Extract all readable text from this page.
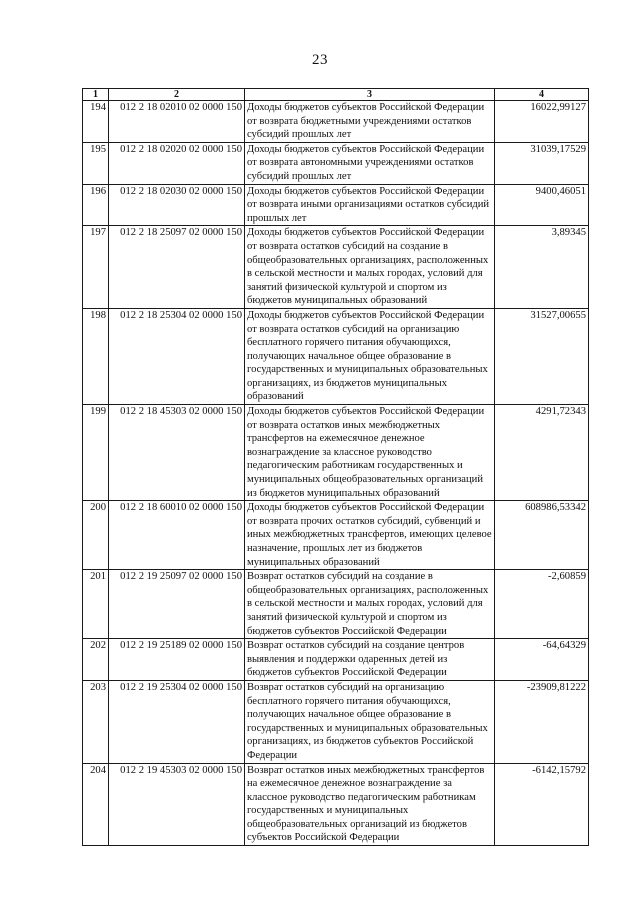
23
1	2	3	4
194	012 2 18 02010 02 0000 150	Доходы бюджетов субъектов Российской Федерации от возврата бюджетными учреждениями остатков субсидий прошлых лет	16022,99127
195	012 2 18 02020 02 0000 150	Доходы бюджетов субъектов Российской Федерации от возврата автономными учреждениями остатков субсидий прошлых лет	31039,17529
196	012 2 18 02030 02 0000 150	Доходы бюджетов субъектов Российской Федерации от возврата иными организациями остатков субсидий прошлых лет	9400,46051
197	012 2 18 25097 02 0000 150	Доходы бюджетов субъектов Российской Федерации от возврата остатков субсидий на создание в общеобразовательных организациях, расположенных в сельской местности и малых городах, условий для занятий физической культурой и спортом из бюджетов муниципальных образований	3,89345
198	012 2 18 25304 02 0000 150	Доходы бюджетов субъектов Российской Федерации от возврата остатков субсидий на организацию бесплатного горячего питания обучающихся, получающих начальное общее образование в государственных и муниципальных образовательных организациях, из бюджетов муниципальных образований	31527,00655
199	012 2 18 45303 02 0000 150	Доходы бюджетов субъектов Российской Федерации от возврата остатков иных межбюджетных трансфертов на ежемесячное денежное вознаграждение за классное руководство педагогическим работникам государственных и муниципальных общеобразовательных организаций из бюджетов муниципальных образований	4291,72343
200	012 2 18 60010 02 0000 150	Доходы бюджетов субъектов Российской Федерации от возврата прочих остатков субсидий, субвенций и иных межбюджетных трансфертов, имеющих целевое назначение, прошлых лет из бюджетов муниципальных образований	608986,53342
201	012 2 19 25097 02 0000 150	Возврат остатков субсидий на создание в общеобразовательных организациях, расположенных в сельской местности и малых городах, условий для занятий физической культурой и спортом из бюджетов субъектов Российской Федерации	-2,60859
202	012 2 19 25189 02 0000 150	Возврат остатков субсидий на создание центров выявления и поддержки одаренных детей из бюджетов субъектов Российской Федерации	-64,64329
203	012 2 19 25304 02 0000 150	Возврат остатков субсидий на организацию бесплатного горячего питания обучающихся, получающих начальное общее образование в государственных и муниципальных образовательных организациях, из бюджетов субъектов Российской Федерации	-23909,81222
204	012 2 19 45303 02 0000 150	Возврат остатков иных межбюджетных трансфертов на ежемесячное денежное вознаграждение за классное руководство педагогическим работникам государственных и муниципальных общеобразовательных организаций из бюджетов субъектов Российской Федерации	-6142,15792
